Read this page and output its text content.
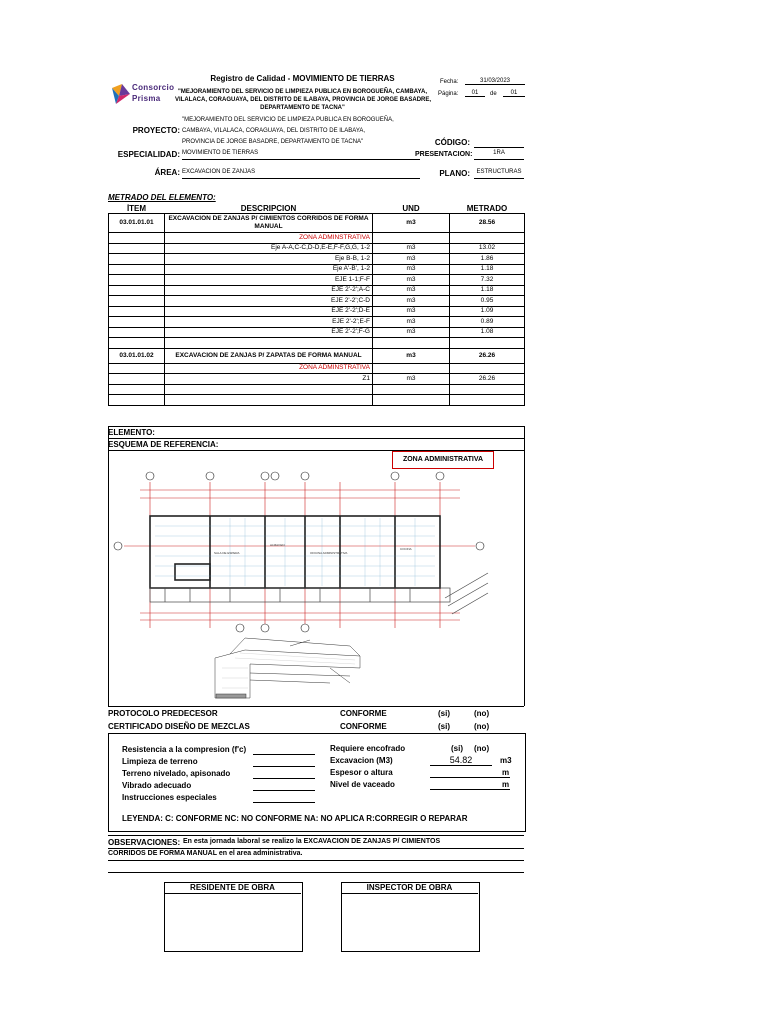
Consorcio
Prisma
Registro de Calidad - MOVIMIENTO DE TIERRAS
"MEJORAMIENTO DEL SERVICIO DE LIMPIEZA PUBLICA EN BOROGUEÑA, CAMBAYA,
VILALACA, CORAGUAYA, DEL DISTRITO DE ILABAYA, PROVINCIA DE JORGE BASADRE,
DEPARTAMENTO DE TACNA"
Fecha:	31/03/2023
Página:	01	de	01
"MEJORAMIENTO DEL SERVICIO DE LIMPIEZA PUBLICA EN BOROGUEÑA,
CAMBAYA, VILALACA, CORAGUAYA, DEL DISTRITO DE ILABAYA,
PROVINCIA DE JORGE BASADRE, DEPARTAMENTO DE TACNA"
PROYECTO:
CÓDIGO:
ESPECIALIDAD: MOVIMIENTO DE TIERRAS	PRESENTACION:	1RA
ÁREA: EXCAVACION DE ZANJAS	PLANO:	ESTRUCTURAS
METRADO DEL ELEMENTO:
ÍTEM	DESCRIPCION	UND	METRADO
03.01.01.01	EXCAVACION DE ZANJAS P/ CIMIENTOS CORRIDOS DE FORMA MANUAL	m3	28.56
	ZONA ADMINSTRATIVA		
	Eje A-A,C-C,D-D,E-E,F-F,G,G, 1-2	m3	13.02
	Eje B-B, 1-2	m3	1.86
	Eje A'-B', 1-2	m3	1.18
	EJE 1-1;F-F	m3	7.32
	EJE 2'-2';A-C	m3	1.18
	EJE 2'-2';C-D	m3	0.95
	EJE 2'-2';D-E	m3	1.09
	EJE 2'-2';E-F	m3	0.89
	EJE 2'-2';F-G	m3	1.08

03.01.01.02	EXCAVACION DE ZANJAS P/ ZAPATAS DE FORMA MANUAL	m3	26.26
	ZONA ADMINSTRATIVA		
	Z1	m3	26.26

ELEMENTO:
ESQUEMA DE REFERENCIA:
ZONA ADMINISTRATIVA
SALA DE ESPERA	OFICINA ADMINISTRATIVA
ALMACEN
COCINA
PROTOCOLO PREDECESOR	CONFORME	(si)	(no)
CERTIFICADO DISEÑO DE MEZCLAS	CONFORME	(si)	(no)
Resistencia a la compresion (f'c)
Limpieza de terreno
Terreno nivelado, apisonado
Vibrado adecuado
Instrucciones especiales
Requiere encofrado	(si) (no)
Excavacion (M3)	54.82	m3
Espesor o altura	m
Nivel de vaceado	m
LEYENDA: C: CONFORME NC: NO CONFORME NA: NO APLICA R:CORREGIR O REPARAR
OBSERVACIONES: En esta jornada laboral se realizo la EXCAVACION DE ZANJAS P/ CIMIENTOS
CORRIDOS DE FORMA MANUAL en el area administrativa.
RESIDENTE DE OBRA	INSPECTOR DE OBRA
